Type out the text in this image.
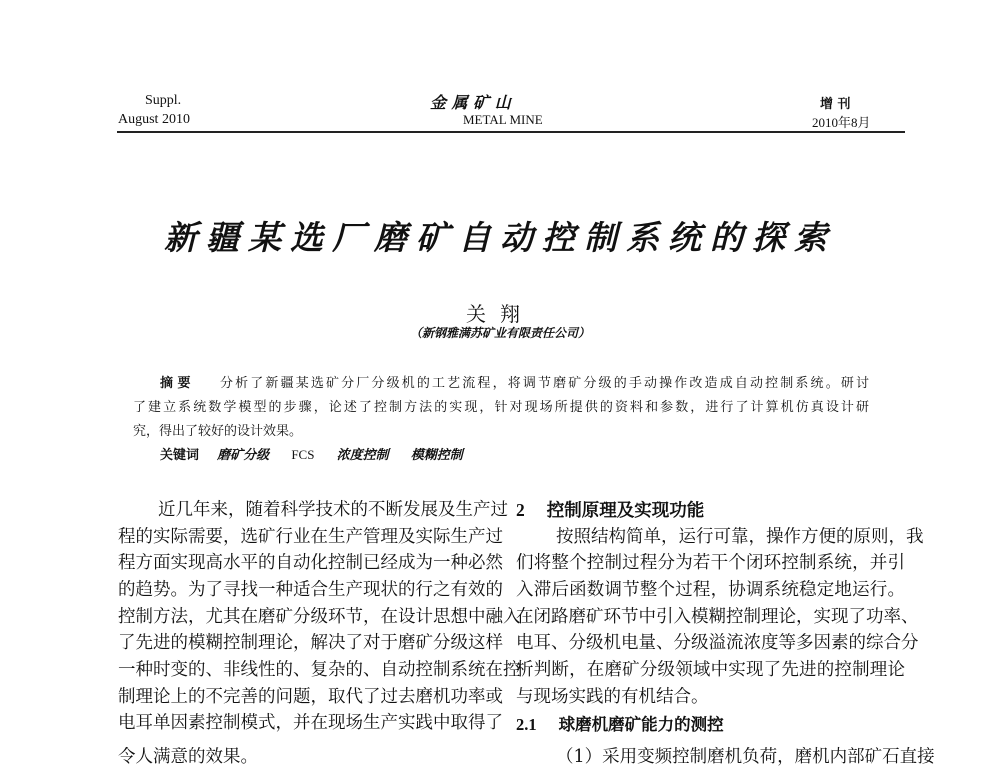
Suppl.
August 2010
金 属 矿 山
METAL MINE
增 刊
2010年8月
新疆某选厂磨矿自动控制系统的探索
关翔
（新钢雅满苏矿业有限责任公司）
摘 要 分析了新疆某选矿分厂分级机的工艺流程，将调节磨矿分级的手动操作改造成自动控制系统。研讨
了建立系统数学模型的步骤，论述了控制方法的实现，针对现场所提供的资料和参数，进行了计算机仿真设计研
究，得出了较好的设计效果。
关键词 磨矿分级 FCS 浓度控制 模糊控制
近几年来，随着科学技术的不断发展及生产过
程的实际需要，选矿行业在生产管理及实际生产过
程方面实现高水平的自动化控制已经成为一种必然
的趋势。为了寻找一种适合生产现状的行之有效的
控制方法，尤其在磨矿分级环节，在设计思想中融入
了先进的模糊控制理论，解决了对于磨矿分级这样
一种时变的、非线性的、复杂的、自动控制系统在控
制理论上的不完善的问题，取代了过去磨机功率或
电耳单因素控制模式，并在现场生产实践中取得了
令人满意的效果。
2 控制原理及实现功能
按照结构简单，运行可靠，操作方便的原则，我
们将整个控制过程分为若干个闭环控制系统，并引
入滞后函数调节整个过程，协调系统稳定地运行。
在闭路磨矿环节中引入模糊控制理论，实现了功率、
电耳、分级机电量、分级溢流浓度等多因素的综合分
析判断，在磨矿分级领域中实现了先进的控制理论
与现场实践的有机结合。
2.1 球磨机磨矿能力的测控
（1）采用变频控制磨机负荷，磨机内部矿石直接
